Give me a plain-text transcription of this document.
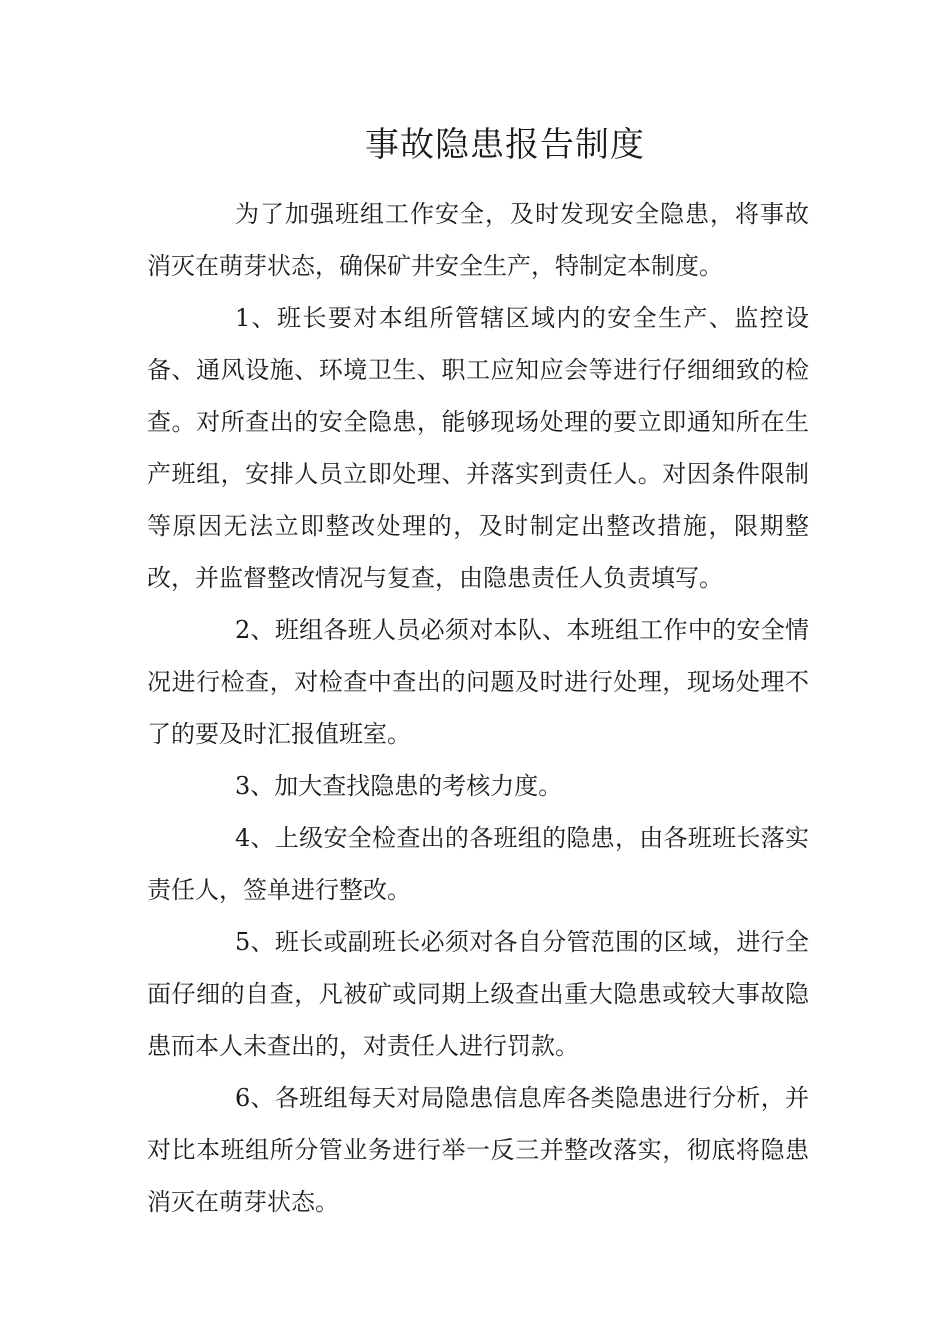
事故隐患报告制度

为了加强班组工作安全，及时发现安全隐患，将事故消灭在萌芽状态，确保矿井安全生产，特制定本制度。

1、班长要对本组所管辖区域内的安全生产、监控设备、通风设施、环境卫生、职工应知应会等进行仔细细致的检查。对所查出的安全隐患，能够现场处理的要立即通知所在生产班组，安排人员立即处理、并落实到责任人。对因条件限制等原因无法立即整改处理的，及时制定出整改措施，限期整改，并监督整改情况与复查，由隐患责任人负责填写。

2、班组各班人员必须对本队、本班组工作中的安全情况进行检查，对检查中查出的问题及时进行处理，现场处理不了的要及时汇报值班室。

3、加大查找隐患的考核力度。

4、上级安全检查出的各班组的隐患，由各班班长落实责任人，签单进行整改。

5、班长或副班长必须对各自分管范围的区域，进行全面仔细的自查，凡被矿或同期上级查出重大隐患或较大事故隐患而本人未查出的，对责任人进行罚款。

6、各班组每天对局隐患信息库各类隐患进行分析，并对比本班组所分管业务进行举一反三并整改落实，彻底将隐患消灭在萌芽状态。
